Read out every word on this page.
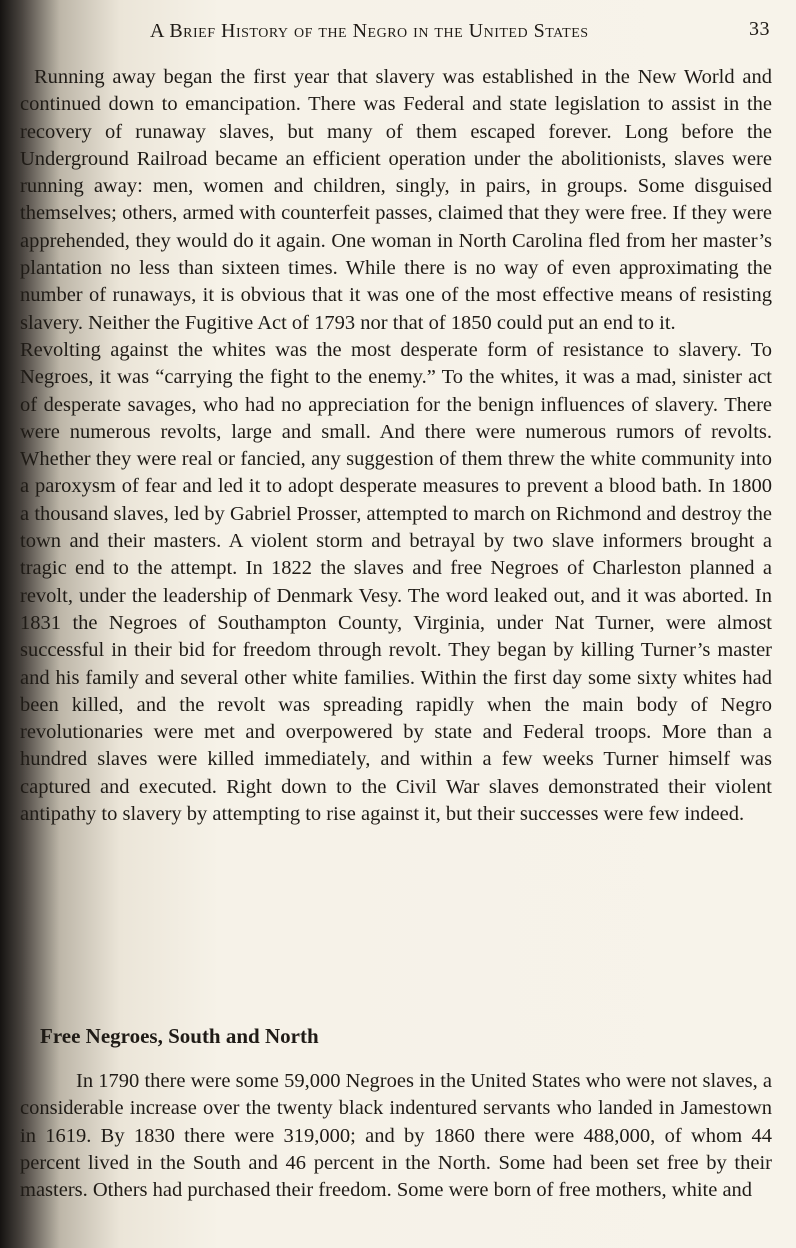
A Brief History of the Negro in the United States	33

Running away began the first year that slavery was established in the New World and continued down to emancipation. There was Federal and state legislation to assist in the recovery of runaway slaves, but many of them escaped forever. Long before the Underground Railroad became an efficient operation under the abolitionists, slaves were running away: men, women and children, singly, in pairs, in groups. Some disguised themselves; others, armed with counterfeit passes, claimed that they were free. If they were apprehended, they would do it again. One woman in North Carolina fled from her master’s plantation no less than sixteen times. While there is no way of even approximating the number of runaways, it is obvious that it was one of the most effective means of resisting slavery. Neither the Fugitive Act of 1793 nor that of 1850 could put an end to it.

Revolting against the whites was the most desperate form of resistance to slavery. To Negroes, it was “carrying the fight to the enemy.” To the whites, it was a mad, sinister act of desperate savages, who had no appreciation for the benign influences of slavery. There were numerous revolts, large and small. And there were numerous rumors of revolts. Whether they were real or fancied, any suggestion of them threw the white community into a paroxysm of fear and led it to adopt desperate measures to prevent a blood bath. In 1800 a thousand slaves, led by Gabriel Prosser, attempted to march on Richmond and destroy the town and their masters. A violent storm and betrayal by two slave informers brought a tragic end to the attempt. In 1822 the slaves and free Negroes of Charleston planned a revolt, under the leadership of Denmark Vesy. The word leaked out, and it was aborted. In 1831 the Negroes of Southampton County, Virginia, under Nat Turner, were almost successful in their bid for freedom through revolt. They began by killing Turner’s master and his family and several other white families. Within the first day some sixty whites had been killed, and the revolt was spreading rapidly when the main body of Negro revolutionaries were met and overpowered by state and Federal troops. More than a hundred slaves were killed immediately, and within a few weeks Turner himself was captured and executed. Right down to the Civil War slaves demonstrated their violent antipathy to slavery by attempting to rise against it, but their successes were few indeed.

Free Negroes, South and North

In 1790 there were some 59,000 Negroes in the United States who were not slaves, a considerable increase over the twenty black indentured servants who landed in Jamestown in 1619. By 1830 there were 319,000; and by 1860 there were 488,000, of whom 44 percent lived in the South and 46 percent in the North. Some had been set free by their masters. Others had purchased their freedom. Some were born of free mothers, white and
